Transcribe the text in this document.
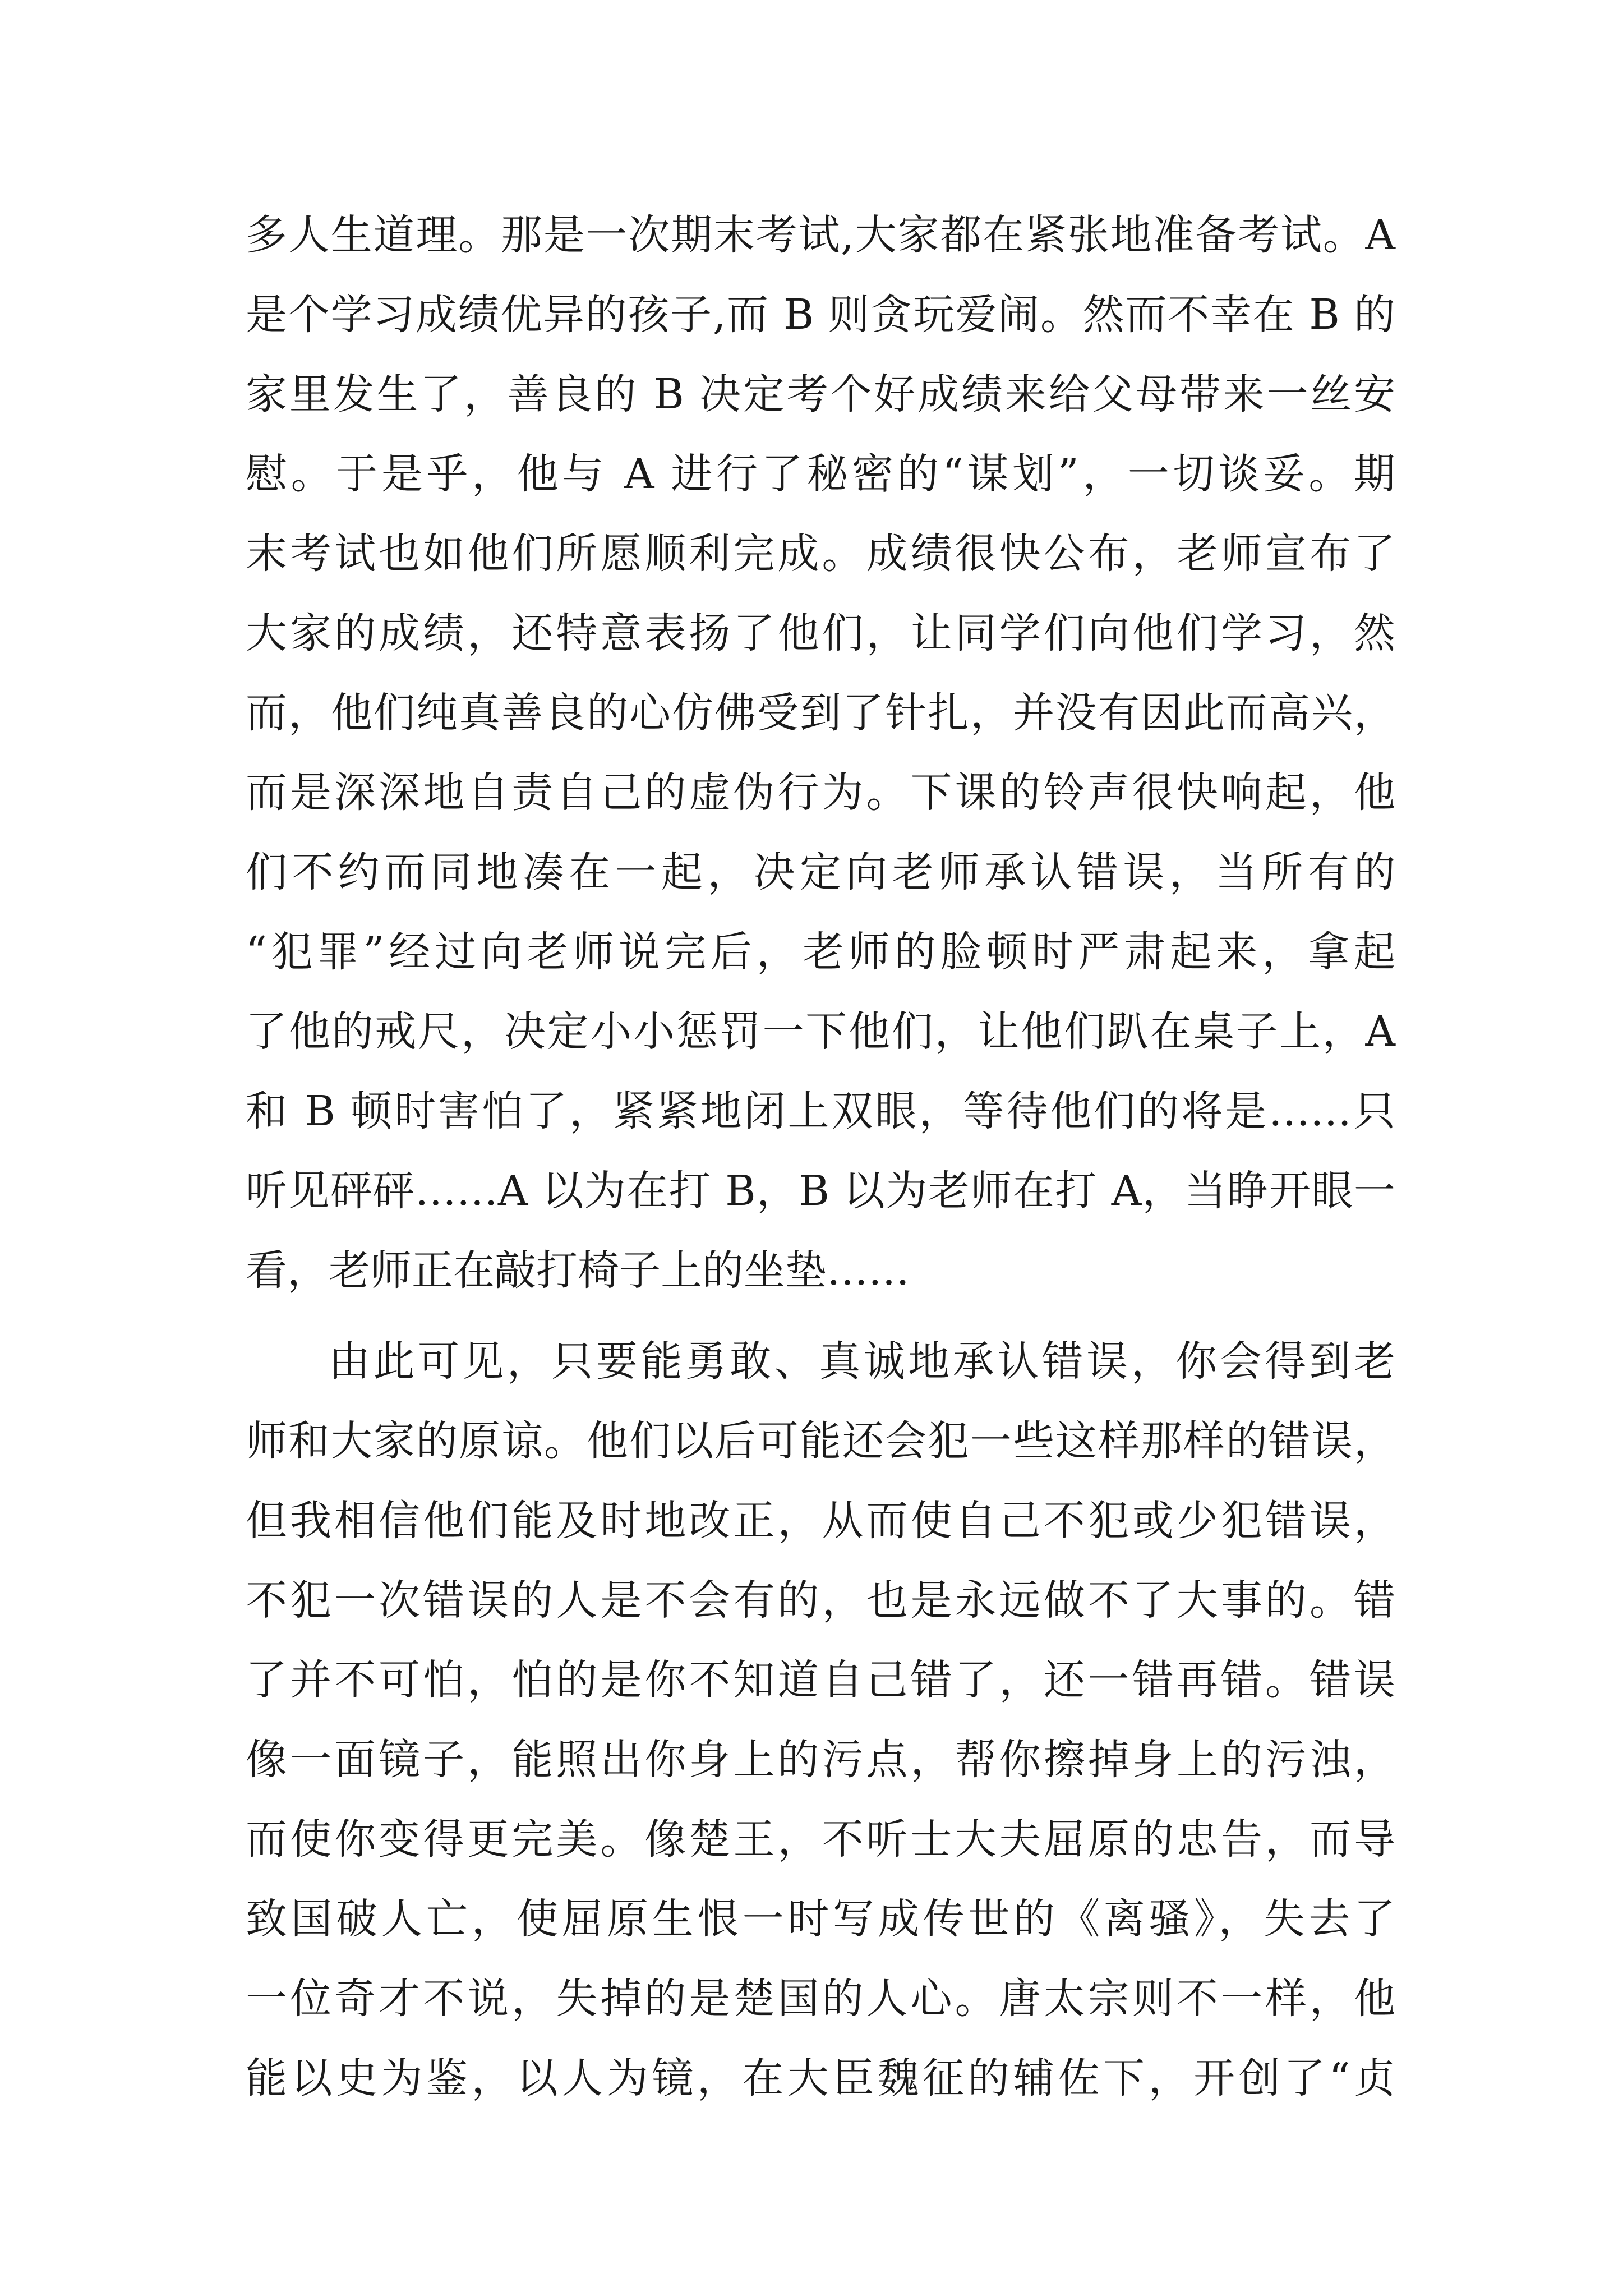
多人生道理。那是一次期末考试,大家都在紧张地准备考试。A
是个学习成绩优异的孩子,而 B 则贪玩爱闹。然而不幸在 B 的
家里发生了，善良的 B 决定考个好成绩来给父母带来一丝安
慰。于是乎，他与 A 进行了秘密的“谋划”，一切谈妥。期
末考试也如他们所愿顺利完成。成绩很快公布，老师宣布了
大家的成绩，还特意表扬了他们，让同学们向他们学习，然
而，他们纯真善良的心仿佛受到了针扎，并没有因此而高兴，
而是深深地自责自己的虚伪行为。下课的铃声很快响起，他
们不约而同地凑在一起，决定向老师承认错误，当所有的
“犯罪”经过向老师说完后，老师的脸顿时严肃起来，拿起
了他的戒尺，决定小小惩罚一下他们，让他们趴在桌子上，A
和 B 顿时害怕了，紧紧地闭上双眼，等待他们的将是……只
听见砰砰……A 以为在打 B，B 以为老师在打 A，当睁开眼一
看，老师正在敲打椅子上的坐垫……
由此可见，只要能勇敢、真诚地承认错误，你会得到老
师和大家的原谅。他们以后可能还会犯一些这样那样的错误，
但我相信他们能及时地改正，从而使自己不犯或少犯错误，
不犯一次错误的人是不会有的，也是永远做不了大事的。错
了并不可怕，怕的是你不知道自己错了，还一错再错。错误
像一面镜子，能照出你身上的污点，帮你擦掉身上的污浊，
而使你变得更完美。像楚王，不听士大夫屈原的忠告，而导
致国破人亡，使屈原生恨一时写成传世的《离骚》，失去了
一位奇才不说，失掉的是楚国的人心。唐太宗则不一样，他
能以史为鉴，以人为镜，在大臣魏征的辅佐下，开创了“贞
